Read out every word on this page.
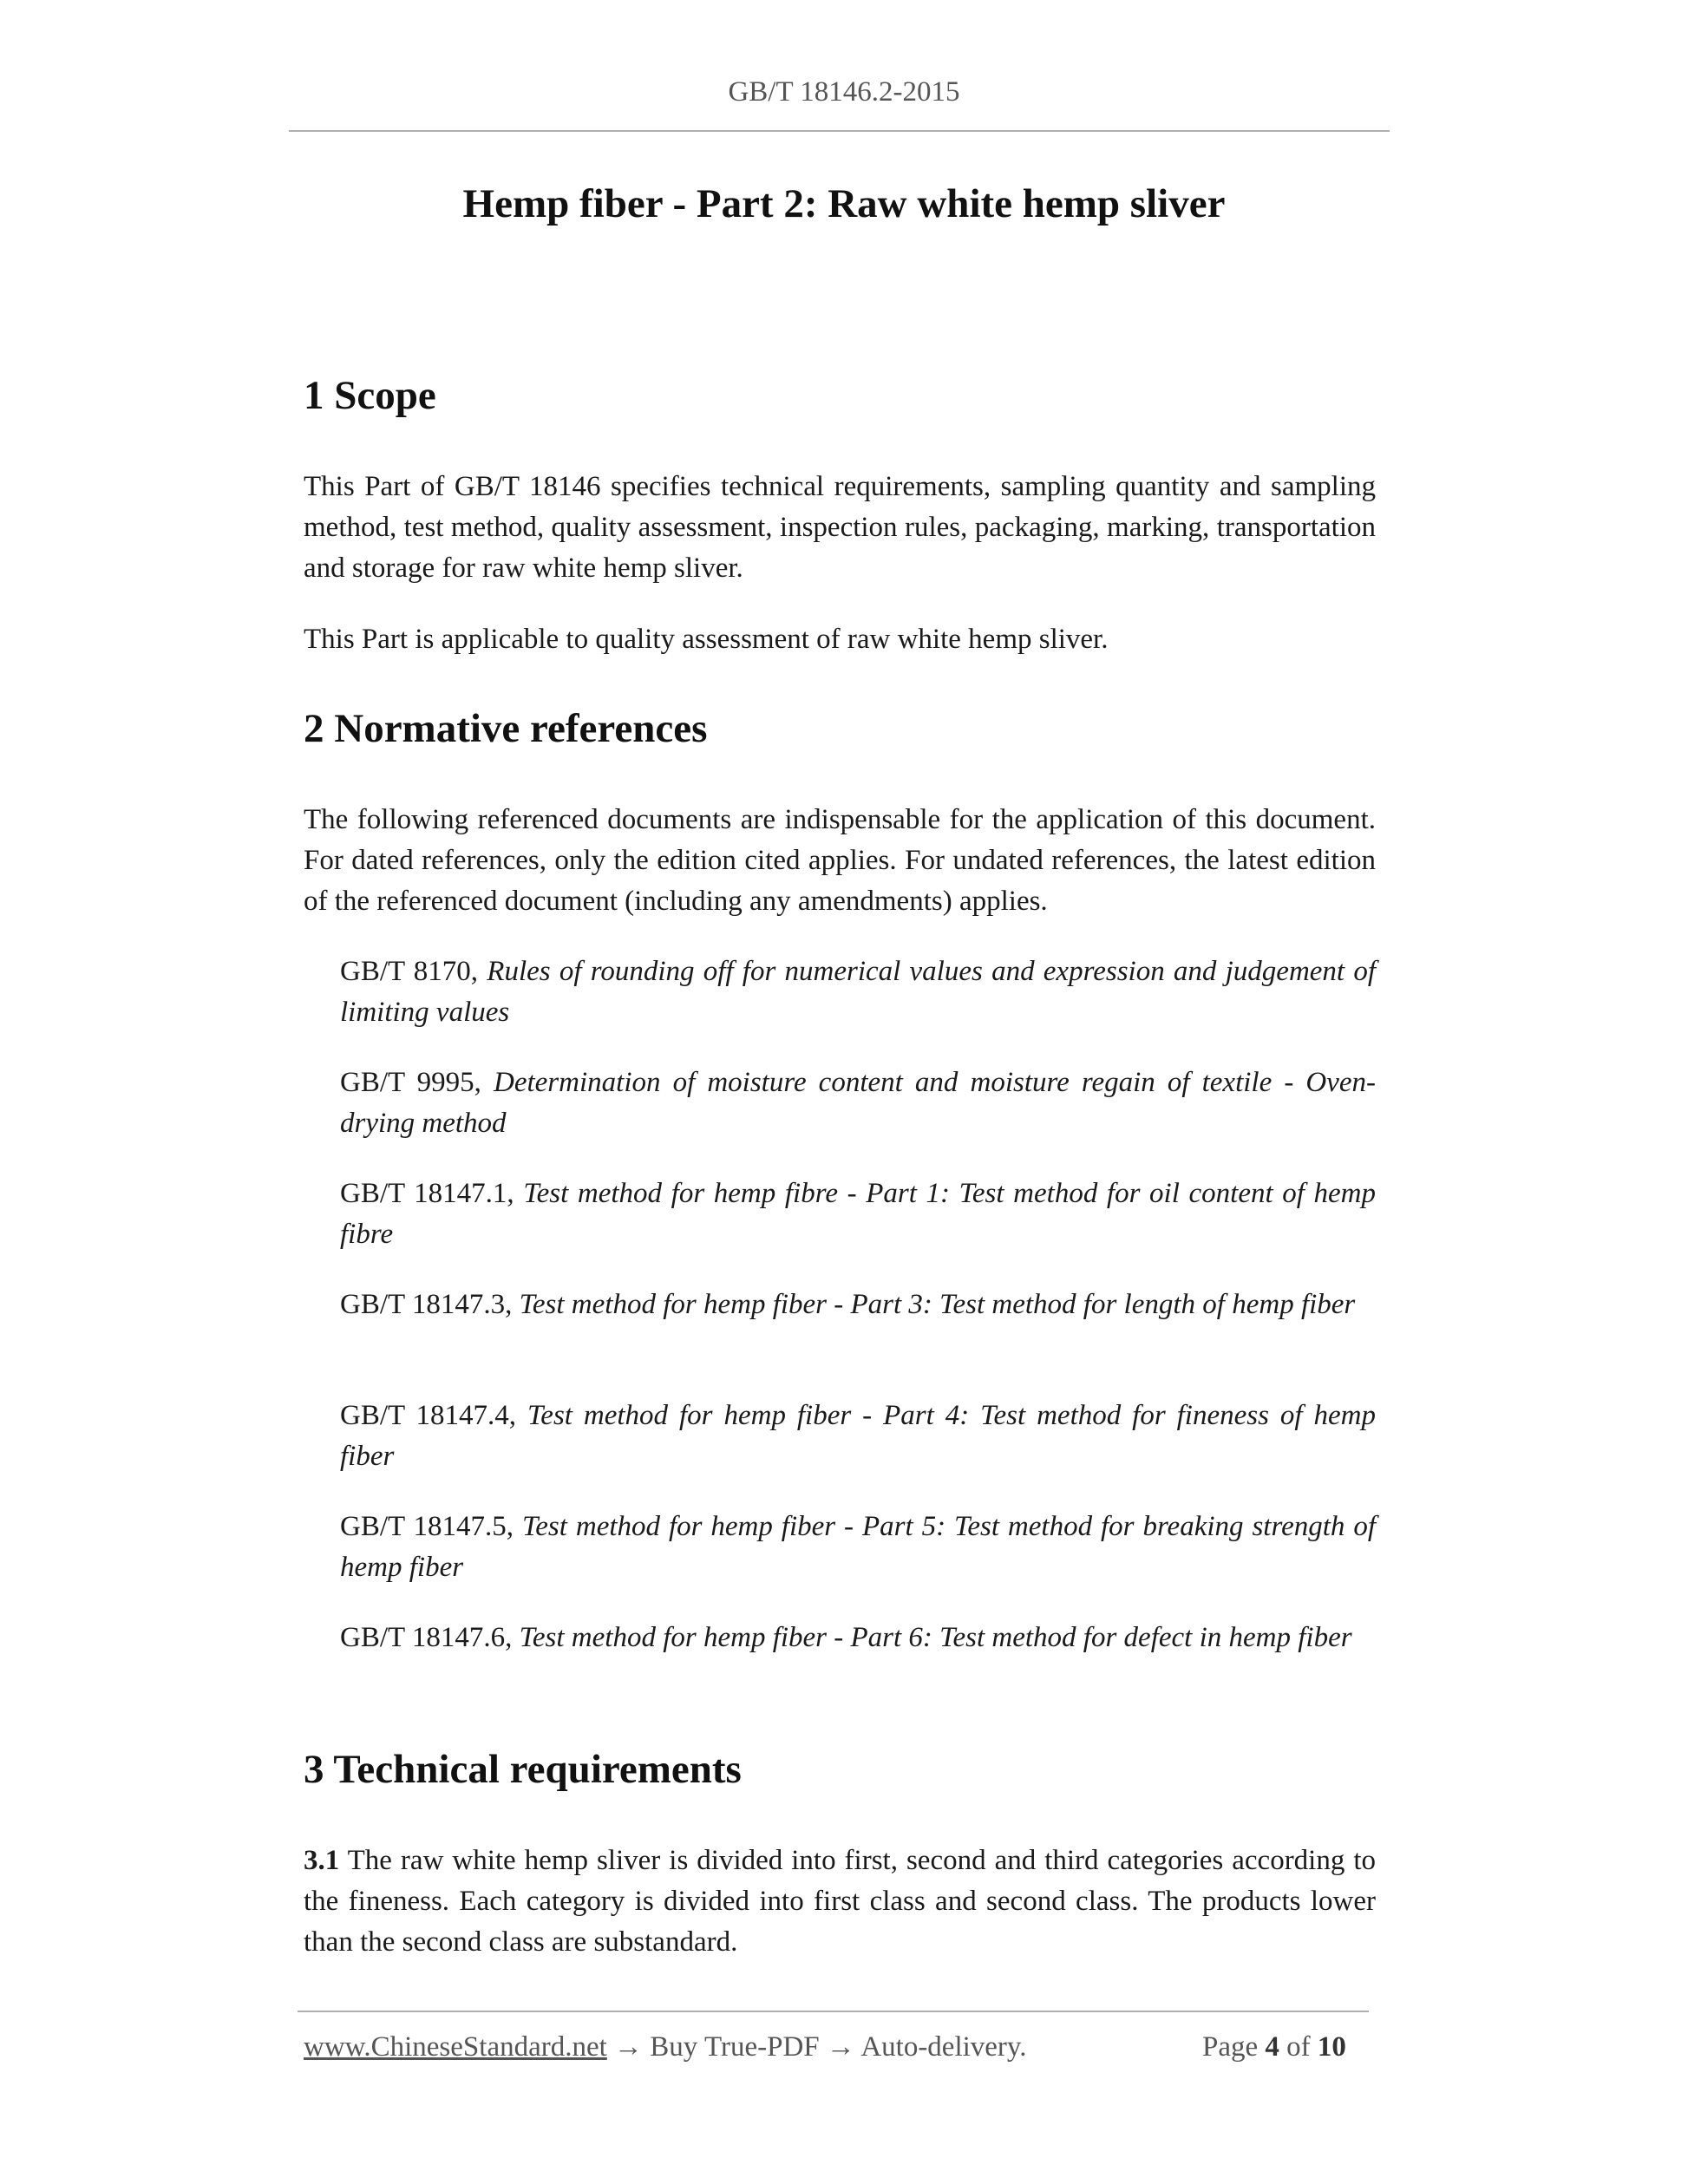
GB/T 18146.2-2015
Hemp fiber - Part 2: Raw white hemp sliver
1 Scope

This Part of GB/T 18146 specifies technical requirements, sampling quantity and sampling method, test method, quality assessment, inspection rules, packaging, marking, transportation and storage for raw white hemp sliver.

This Part is applicable to quality assessment of raw white hemp sliver.

2 Normative references

The following referenced documents are indispensable for the application of this document. For dated references, only the edition cited applies. For undated references, the latest edition of the referenced document (including any amendments) applies.

GB/T 8170, Rules of rounding off for numerical values and expression and judgement of limiting values

GB/T 9995, Determination of moisture content and moisture regain of textile - Oven-drying method

GB/T 18147.1, Test method for hemp fibre - Part 1: Test method for oil content of hemp fibre

GB/T 18147.3, Test method for hemp fiber - Part 3: Test method for length of hemp fiber

GB/T 18147.4, Test method for hemp fiber - Part 4: Test method for fineness of hemp fiber

GB/T 18147.5, Test method for hemp fiber - Part 5: Test method for breaking strength of hemp fiber

GB/T 18147.6, Test method for hemp fiber - Part 6: Test method for defect in hemp fiber

3 Technical requirements

3.1 The raw white hemp sliver is divided into first, second and third categories according to the fineness. Each category is divided into first class and second class. The products lower than the second class are substandard.

www.ChineseStandard.net → Buy True-PDF → Auto-delivery.	Page 4 of 10
